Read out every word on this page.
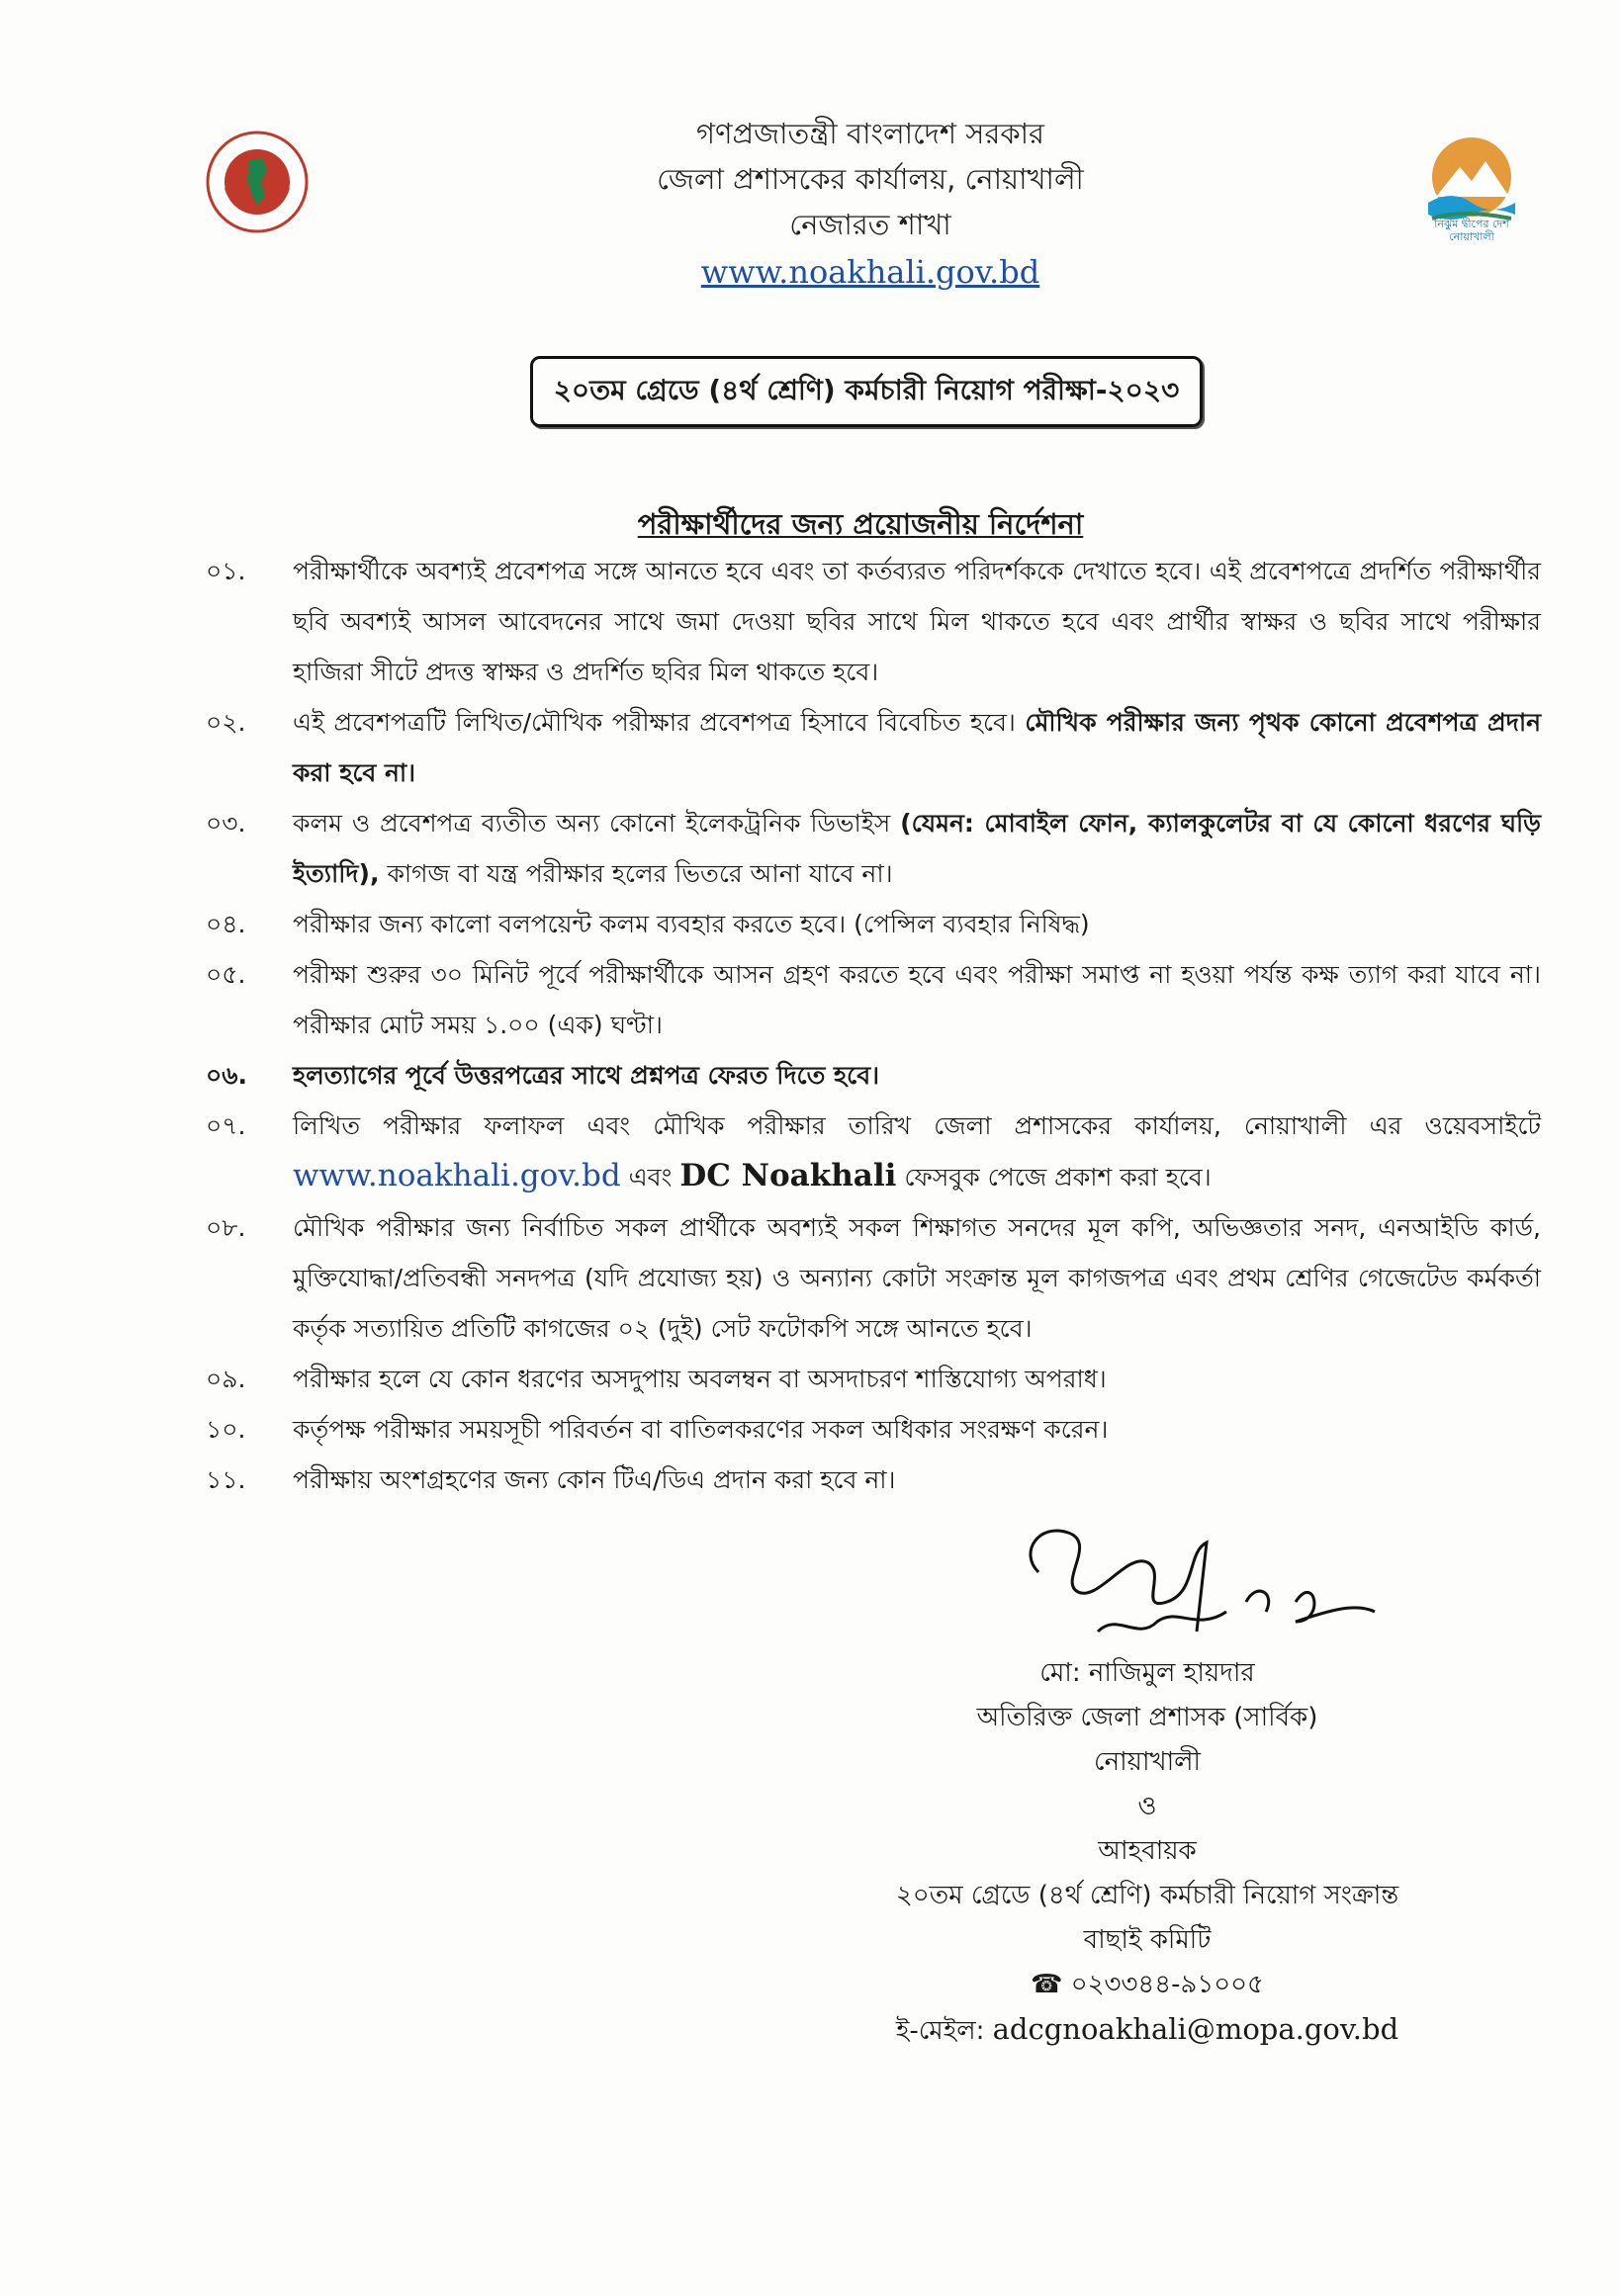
নিঝুম দ্বীপের দেশ
নোয়াখালী
গণপ্রজাতন্ত্রী বাংলাদেশ সরকার
জেলা প্রশাসকের কার্যালয়, নোয়াখালী
নেজারত শাখা
www.noakhali.gov.bd
২০তম গ্রেডে (৪র্থ শ্রেণি) কর্মচারী নিয়োগ পরীক্ষা-২০২৩
পরীক্ষার্থীদের জন্য প্রয়োজনীয় নির্দেশনা
০১.	পরীক্ষার্থীকে অবশ্যই প্রবেশপত্র সঙ্গে আনতে হবে এবং তা কর্তব্যরত পরিদর্শককে দেখাতে হবে। এই প্রবেশপত্রে প্রদর্শিত পরীক্ষার্থীর ছবি অবশ্যই আসল আবেদনের সাথে জমা দেওয়া ছবির সাথে মিল থাকতে হবে এবং প্রার্থীর স্বাক্ষর ও ছবির সাথে পরীক্ষার হাজিরা সীটে প্রদত্ত স্বাক্ষর ও প্রদর্শিত ছবির মিল থাকতে হবে।
০২.	এই প্রবেশপত্রটি লিখিত/মৌখিক পরীক্ষার প্রবেশপত্র হিসাবে বিবেচিত হবে। মৌখিক পরীক্ষার জন্য পৃথক কোনো প্রবেশপত্র প্রদান করা হবে না।
০৩.	কলম ও প্রবেশপত্র ব্যতীত অন্য কোনো ইলেকট্রনিক ডিভাইস (যেমন: মোবাইল ফোন, ক্যালকুলেটর বা যে কোনো ধরণের ঘড়ি ইত্যাদি), কাগজ বা যন্ত্র পরীক্ষার হলের ভিতরে আনা যাবে না।
০৪.	পরীক্ষার জন্য কালো বলপয়েন্ট কলম ব্যবহার করতে হবে। (পেন্সিল ব্যবহার নিষিদ্ধ)
০৫.	পরীক্ষা শুরুর ৩০ মিনিট পূর্বে পরীক্ষার্থীকে আসন গ্রহণ করতে হবে এবং পরীক্ষা সমাপ্ত না হওয়া পর্যন্ত কক্ষ ত্যাগ করা যাবে না। পরীক্ষার মোট সময় ১.০০ (এক) ঘণ্টা।
০৬.	হলত্যাগের পূর্বে উত্তরপত্রের সাথে প্রশ্নপত্র ফেরত দিতে হবে।
০৭.	লিখিত পরীক্ষার ফলাফল এবং মৌখিক পরীক্ষার তারিখ জেলা প্রশাসকের কার্যালয়, নোয়াখালী এর ওয়েবসাইটে www.noakhali.gov.bd এবং DC Noakhali ফেসবুক পেজে প্রকাশ করা হবে।
০৮.	মৌখিক পরীক্ষার জন্য নির্বাচিত সকল প্রার্থীকে অবশ্যই সকল শিক্ষাগত সনদের মূল কপি, অভিজ্ঞতার সনদ, এনআইডি কার্ড, মুক্তিযোদ্ধা/প্রতিবন্ধী সনদপত্র (যদি প্রযোজ্য হয়) ও অন্যান্য কোটা সংক্রান্ত মূল কাগজপত্র এবং প্রথম শ্রেণির গেজেটেড কর্মকর্তা কর্তৃক সত্যায়িত প্রতিটি কাগজের ০২ (দুই) সেট ফটোকপি সঙ্গে আনতে হবে।
০৯.	পরীক্ষার হলে যে কোন ধরণের অসদুপায় অবলম্বন বা অসদাচরণ শাস্তিযোগ্য অপরাধ।
১০.	কর্তৃপক্ষ পরীক্ষার সময়সূচী পরিবর্তন বা বাতিলকরণের সকল অধিকার সংরক্ষণ করেন।
১১.	পরীক্ষায় অংশগ্রহণের জন্য কোন টিএ/ডিএ প্রদান করা হবে না।
মো: নাজিমুল হায়দার
অতিরিক্ত জেলা প্রশাসক (সার্বিক)
নোয়াখালী
ও
আহবায়ক
২০তম গ্রেডে (৪র্থ শ্রেণি) কর্মচারী নিয়োগ সংক্রান্ত
বাছাই কমিটি
☎ ০২৩৩৪৪-৯১০০৫
ই-মেইল: adcgnoakhali@mopa.gov.bd
